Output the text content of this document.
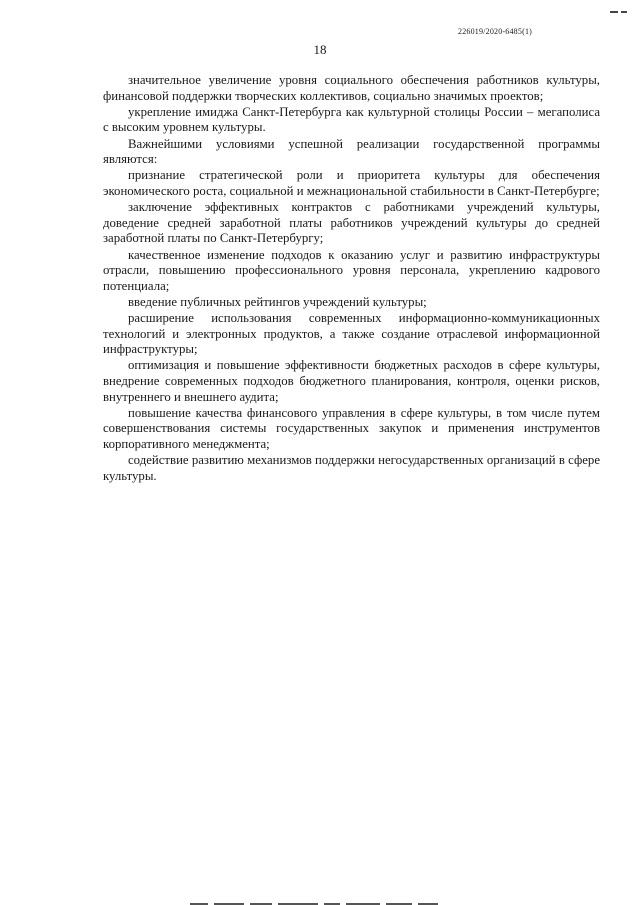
226019/2020-6485(1)
18

значительное увеличение уровня социального обеспечения работников культуры, финансовой поддержки творческих коллективов, социально значимых проектов;

укрепление имиджа Санкт-Петербурга как культурной столицы России – мегаполиса с высоким уровнем культуры.

Важнейшими условиями успешной реализации государственной программы являются:

признание стратегической роли и приоритета культуры для обеспечения экономического роста, социальной и межнациональной стабильности в Санкт-Петербурге;

заключение эффективных контрактов с работниками учреждений культуры, доведение средней заработной платы работников учреждений культуры до средней заработной платы по Санкт-Петербургу;

качественное изменение подходов к оказанию услуг и развитию инфраструктуры отрасли, повышению профессионального уровня персонала, укреплению кадрового потенциала;

введение публичных рейтингов учреждений культуры;

расширение использования современных информационно-коммуникационных технологий и электронных продуктов, а также создание отраслевой информационной инфраструктуры;

оптимизация и повышение эффективности бюджетных расходов в сфере культуры, внедрение современных подходов бюджетного планирования, контроля, оценки рисков, внутреннего и внешнего аудита;

повышение качества финансового управления в сфере культуры, в том числе путем совершенствования системы государственных закупок и применения инструментов корпоративного менеджмента;

содействие развитию механизмов поддержки негосударственных организаций в сфере культуры.
